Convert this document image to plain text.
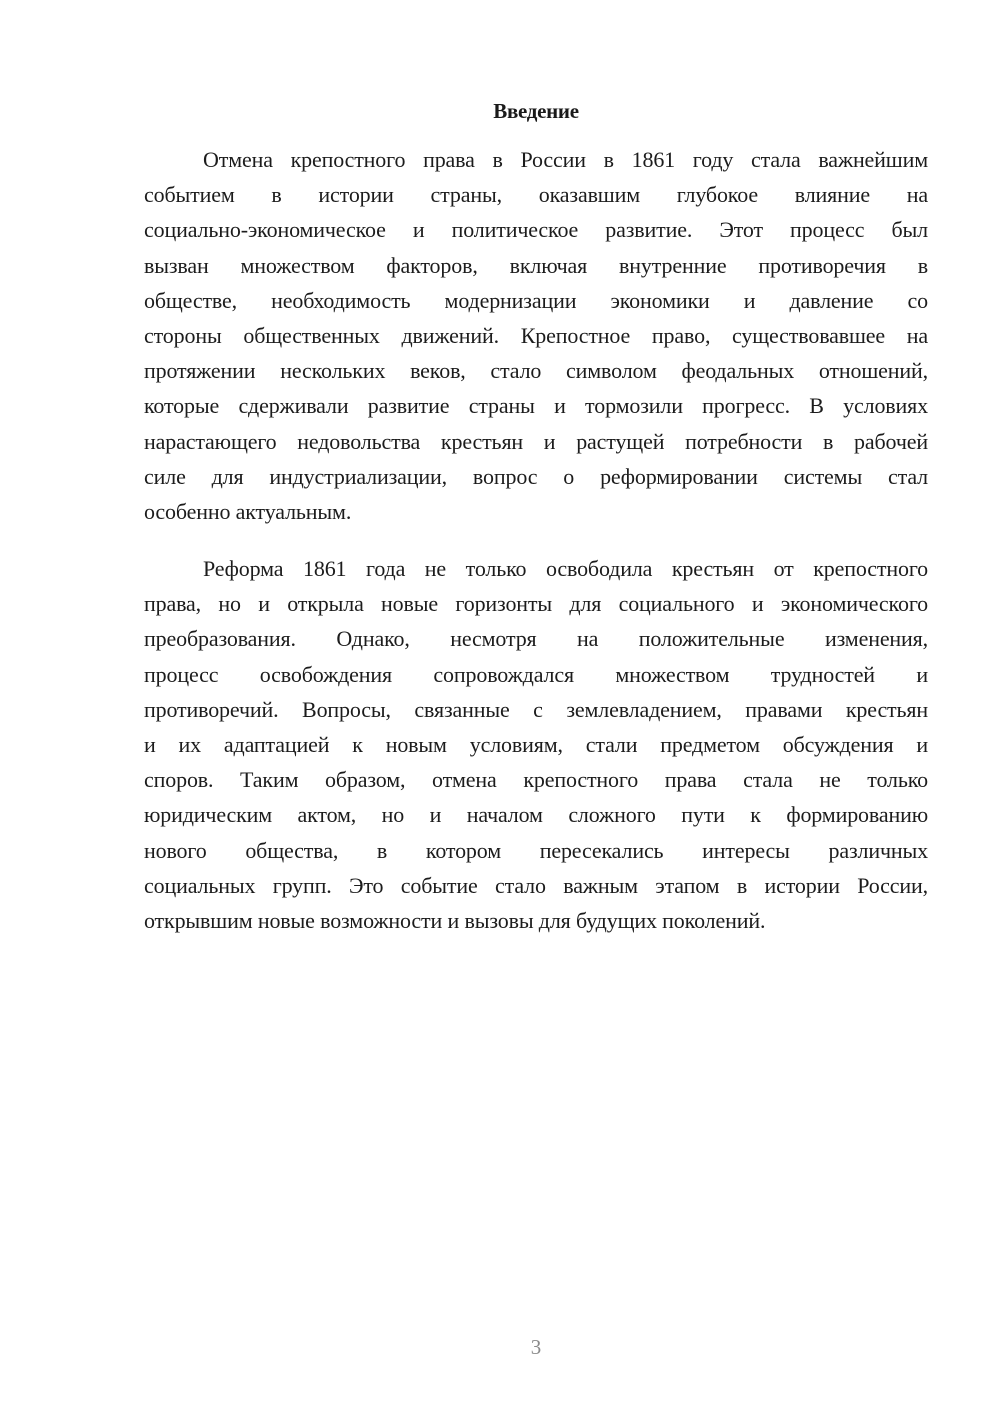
Введение
Отмена крепостного права в России в 1861 году стала важнейшим
событием в истории страны, оказавшим глубокое влияние на
социально-экономическое и политическое развитие. Этот процесс был
вызван множеством факторов, включая внутренние противоречия в
обществе, необходимость модернизации экономики и давление со
стороны общественных движений. Крепостное право, существовавшее на
протяжении нескольких веков, стало символом феодальных отношений,
которые сдерживали развитие страны и тормозили прогресс. В условиях
нарастающего недовольства крестьян и растущей потребности в рабочей
силе для индустриализации, вопрос о реформировании системы стал
особенно актуальным.
Реформа 1861 года не только освободила крестьян от крепостного
права, но и открыла новые горизонты для социального и экономического
преобразования. Однако, несмотря на положительные изменения,
процесс освобождения сопровождался множеством трудностей и
противоречий. Вопросы, связанные с землевладением, правами крестьян
и их адаптацией к новым условиям, стали предметом обсуждения и
споров. Таким образом, отмена крепостного права стала не только
юридическим актом, но и началом сложного пути к формированию
нового общества, в котором пересекались интересы различных
социальных групп. Это событие стало важным этапом в истории России,
открывшим новые возможности и вызовы для будущих поколений.
3
